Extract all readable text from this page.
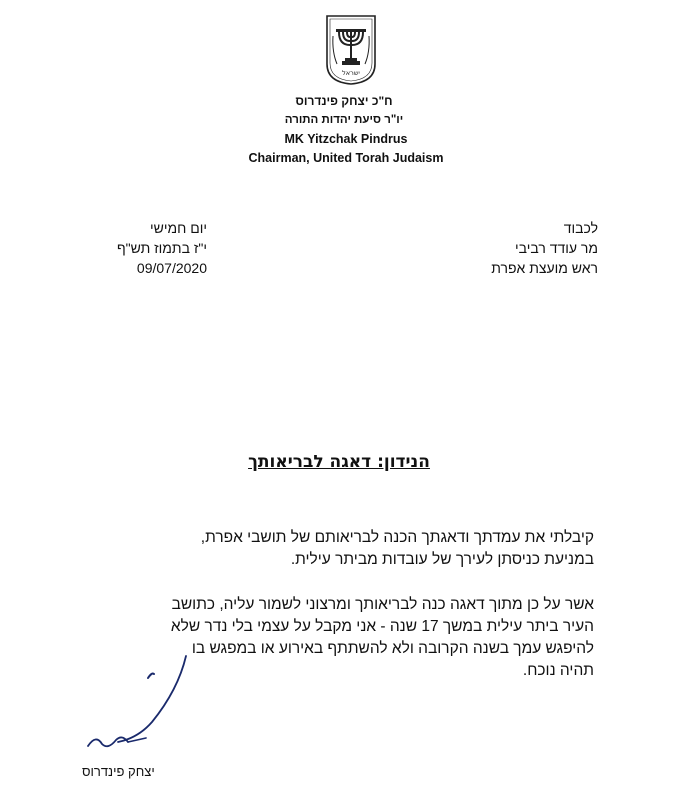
ישראל
ח"כ יצחק פינדרוס
יו"ר סיעת יהדות התורה
MK Yitzchak Pindrus
Chairman, United Torah Judaism
יום חמישי
י"ז בתמוז תש"ף
09/07/2020
לכבוד
מר עודד רביבי
ראש מועצת אפרת
הנידון: דאגה לבריאותך
קיבלתי את עמדתך ודאגתך הכנה לבריאותם של תושבי אפרת,
במניעת כניסתן לעירך של עובדות מביתר עילית.
אשר על כן מתוך דאגה כנה לבריאותך ומרצוני לשמור עליה, כתושב
העיר ביתר עילית במשך 17 שנה - אני מקבל על עצמי בלי נדר שלא
להיפגש עמך בשנה הקרובה ולא להשתתף באירוע או במפגש בו
תהיה נוכח.
יצחק פינדרוס
